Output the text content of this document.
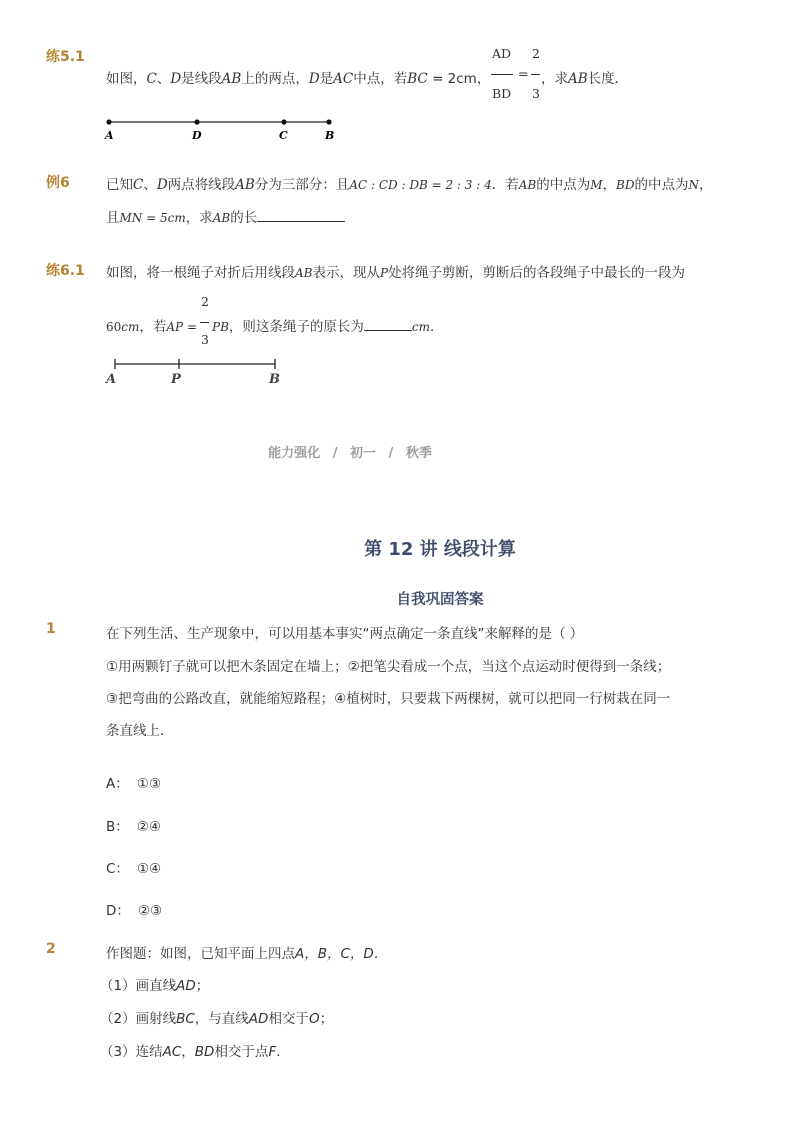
练5.1
如图，C、D是线段AB上的两点，D是AC中点，若BC = 2cm，
AD
BD
=
2
3
，求AB长度．
A	D	C	B
例6	已知C、D两点将线段AB分为三部分：且AC : CD : DB = 2 : 3 : 4．若AB的中点为M，BD的中点为N，
且MN = 5cm，求AB的长
练6.1 如图，将一根绳子对折后用线段AB表示，现从P处将绳子剪断，剪断后的各段绳子中最长的一段为
2
3
60cm，若AP = PB，则这条绳子的原长为	cm．
A	P	B
能力强化 / 初一 / 秋季
第 12 讲 线段计算
自我巩固答案
1	在下列生活、生产现象中，可以用基本事实“两点确定一条直线”来解释的是（ ）
①用两颗钉子就可以把木条固定在墙上；②把笔尖看成一个点，当这个点运动时便得到一条线；
③把弯曲的公路改直，就能缩短路程；④植树时，只要栽下两棵树，就可以把同一行树栽在同一
条直线上．
A： ①③
B： ②④
C： ①④
D： ②③
2	作图题：如图，已知平面上四点A，B，C，D.
（1）画直线AD；
（2）画射线BC，与直线AD相交于O；
（3）连结AC，BD相交于点F.
